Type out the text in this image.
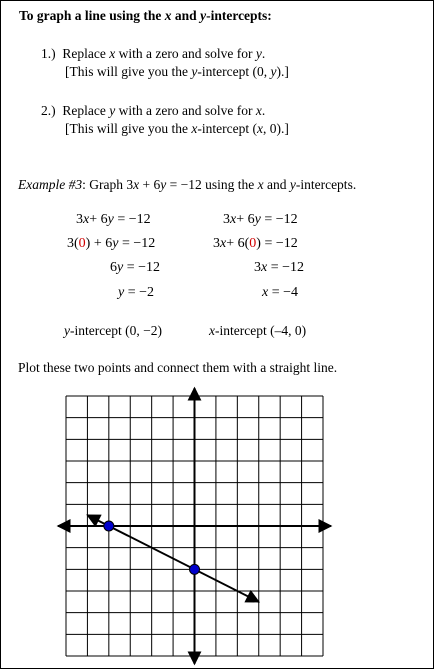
To graph a line using the x and y-intercepts:
1.) Replace x with a zero and solve for y.
[This will give you the y-intercept (0, y).]
2.) Replace y with a zero and solve for x.
[This will give you the x-intercept (x, 0).]
Example #3: Graph 3x + 6y = −12 using the x and y-intercepts.
3x+ 6y = −12
3(0) + 6y = −12
6y = −12
y = −2
3x+ 6y = −12
3x+ 6(0) = −12
3x = −12
x = −4
y-intercept (0, −2)	x-intercept (–4, 0)
Plot these two points and connect them with a straight line.
